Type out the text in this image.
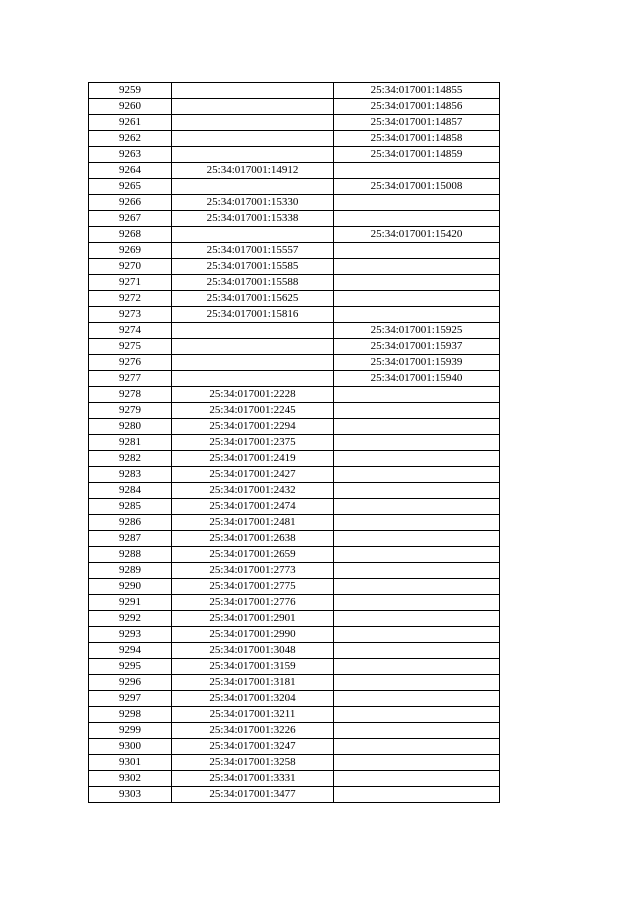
9259		25:34:017001:14855
9260		25:34:017001:14856
9261		25:34:017001:14857
9262		25:34:017001:14858
9263		25:34:017001:14859
9264	25:34:017001:14912	
9265		25:34:017001:15008
9266	25:34:017001:15330	
9267	25:34:017001:15338	
9268		25:34:017001:15420
9269	25:34:017001:15557	
9270	25:34:017001:15585	
9271	25:34:017001:15588	
9272	25:34:017001:15625	
9273	25:34:017001:15816	
9274		25:34:017001:15925
9275		25:34:017001:15937
9276		25:34:017001:15939
9277		25:34:017001:15940
9278	25:34:017001:2228	
9279	25:34:017001:2245	
9280	25:34:017001:2294	
9281	25:34:017001:2375	
9282	25:34:017001:2419	
9283	25:34:017001:2427	
9284	25:34:017001:2432	
9285	25:34:017001:2474	
9286	25:34:017001:2481	
9287	25:34:017001:2638	
9288	25:34:017001:2659	
9289	25:34:017001:2773	
9290	25:34:017001:2775	
9291	25:34:017001:2776	
9292	25:34:017001:2901	
9293	25:34:017001:2990	
9294	25:34:017001:3048	
9295	25:34:017001:3159	
9296	25:34:017001:3181	
9297	25:34:017001:3204	
9298	25:34:017001:3211	
9299	25:34:017001:3226	
9300	25:34:017001:3247	
9301	25:34:017001:3258	
9302	25:34:017001:3331	
9303	25:34:017001:3477	
